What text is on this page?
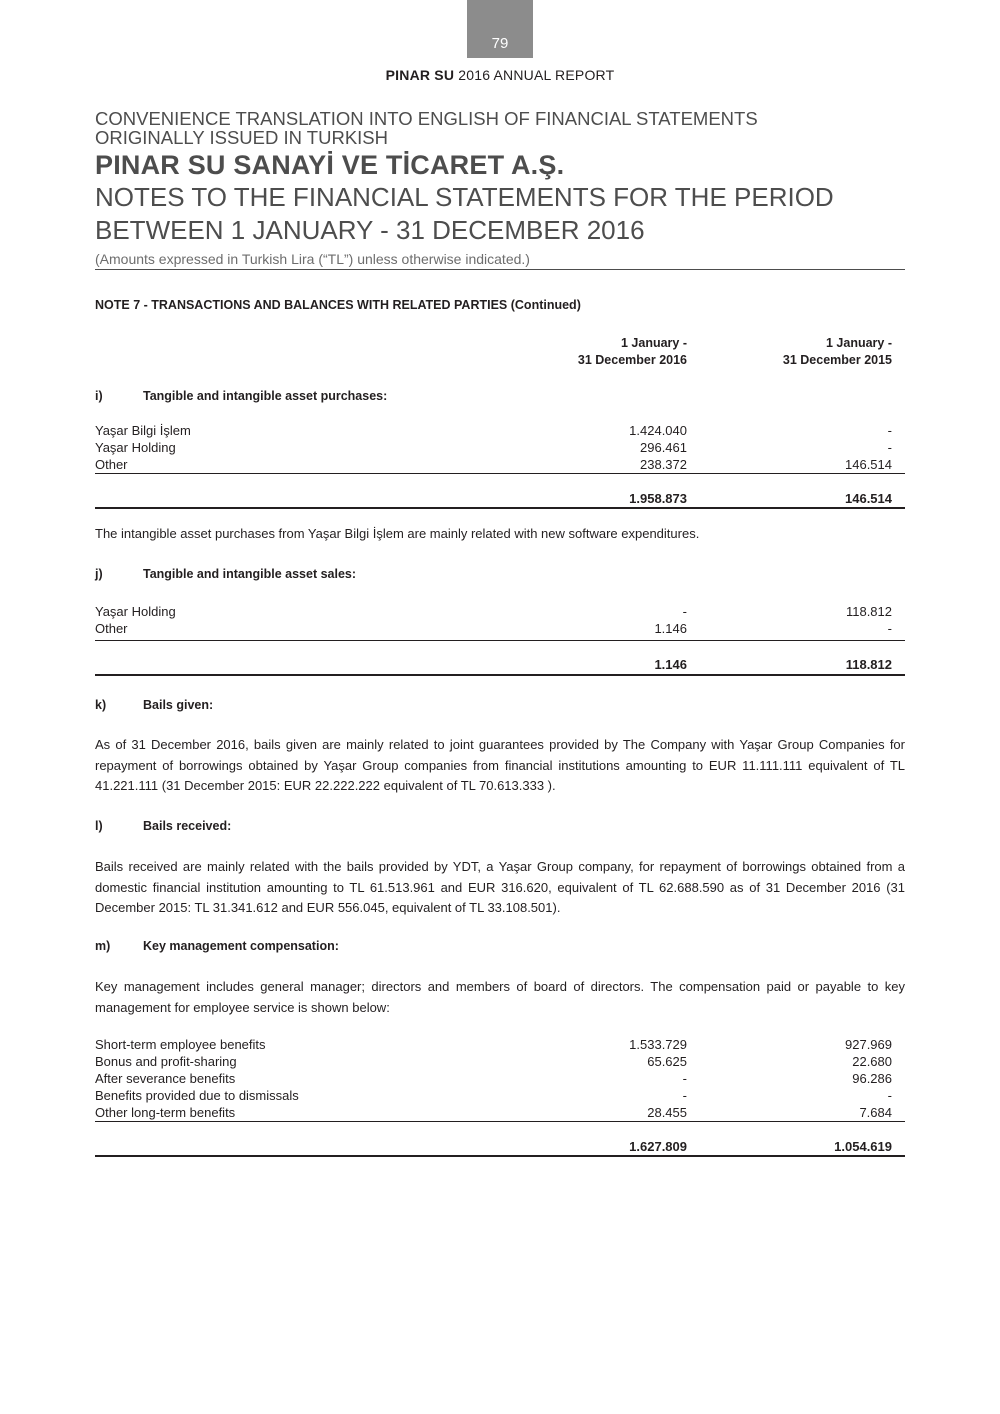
79
PINAR SU 2016 ANNUAL REPORT
CONVENIENCE TRANSLATION INTO ENGLISH OF FINANCIAL STATEMENTS
ORIGINALLY ISSUED IN TURKISH
PINAR SU SANAYİ VE TİCARET A.Ş.
NOTES TO THE FINANCIAL STATEMENTS FOR THE PERIOD
BETWEEN 1 JANUARY - 31 DECEMBER 2016
(Amounts expressed in Turkish Lira (“TL”) unless otherwise indicated.)
NOTE 7 - TRANSACTIONS AND BALANCES WITH RELATED PARTIES (Continued)
1 January -
31 December 2016
1 January -
31 December 2015
i)	Tangible and intangible asset purchases:
Yaşar Bilgi İşlem	1.424.040	-
Yaşar Holding	296.461	-
Other	238.372	146.514
1.958.873	146.514
The intangible asset purchases from Yaşar Bilgi İşlem are mainly related with new software expenditures.
j)	Tangible and intangible asset sales:
Yaşar Holding	-	118.812
Other	1.146	-
1.146	118.812
k)	Bails given:
As of 31 December 2016, bails given are mainly related to joint guarantees provided by The Company with Yaşar Group Companies for repayment of borrowings obtained by Yaşar Group companies from financial institutions amounting to EUR 11.111.111 equivalent of TL 41.221.111 (31 December 2015: EUR 22.222.222 equivalent of TL 70.613.333 ).
l)	Bails received:
Bails received are mainly related with the bails provided by YDT, a Yaşar Group company, for repayment of borrowings obtained from a domestic financial institution amounting to TL 61.513.961 and EUR 316.620, equivalent of TL 62.688.590 as of 31 December 2016 (31 December 2015: TL 31.341.612 and EUR 556.045, equivalent of TL 33.108.501).
m)	Key management compensation:
Key management includes general manager; directors and members of board of directors. The compensation paid or payable to key management for employee service is shown below:
Short-term employee benefits	1.533.729	927.969
Bonus and profit-sharing	65.625	22.680
After severance benefits	-	96.286
Benefits provided due to dismissals	-	-
Other long-term benefits	28.455	7.684
1.627.809	1.054.619
